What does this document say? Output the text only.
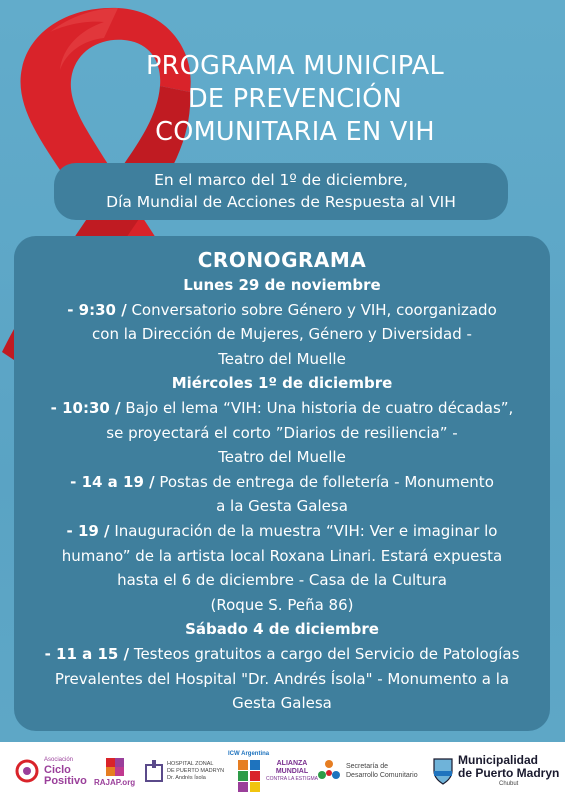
PROGRAMA MUNICIPAL
DE PREVENCIÓN
COMUNITARIA EN VIH
En el marco del 1º de diciembre,
Día Mundial de Acciones de Respuesta al VIH
CRONOGRAMA
Lunes 29 de noviembre
- 9:30 / Conversatorio sobre Género y VIH, coorganizado
con la Dirección de Mujeres, Género y Diversidad -
Teatro del Muelle
Miércoles 1º de diciembre
- 10:30 / Bajo el lema “VIH: Una historia de cuatro décadas”,
se proyectará el corto ”Diarios de resiliencia” -
Teatro del Muelle
- 14 a 19 / Postas de entrega de folletería - Monumento
a la Gesta Galesa
- 19 / Inauguración de la muestra “VIH: Ver e imaginar lo
humano” de la artista local Roxana Linari. Estará expuesta
hasta el 6 de diciembre - Casa de la Cultura
(Roque S. Peña 86)
Sábado 4 de diciembre
- 11 a 15 / Testeos gratuitos a cargo del Servicio de Patologías
Prevalentes del Hospital "Dr. Andrés Ísola" - Monumento a la
Gesta Galesa
Asociación
Ciclo
Positivo RAJAP.org
HOSPITAL ZONAL
DE PUERTO MADRYN
Dr. Andrés Ísola
ICW Argentina
ALIANZA
MUNDIAL
CONTRA LA ESTIGMA
Secretaría de
Desarrollo Comunitario
Municipalidad
de Puerto Madryn
Chubut
